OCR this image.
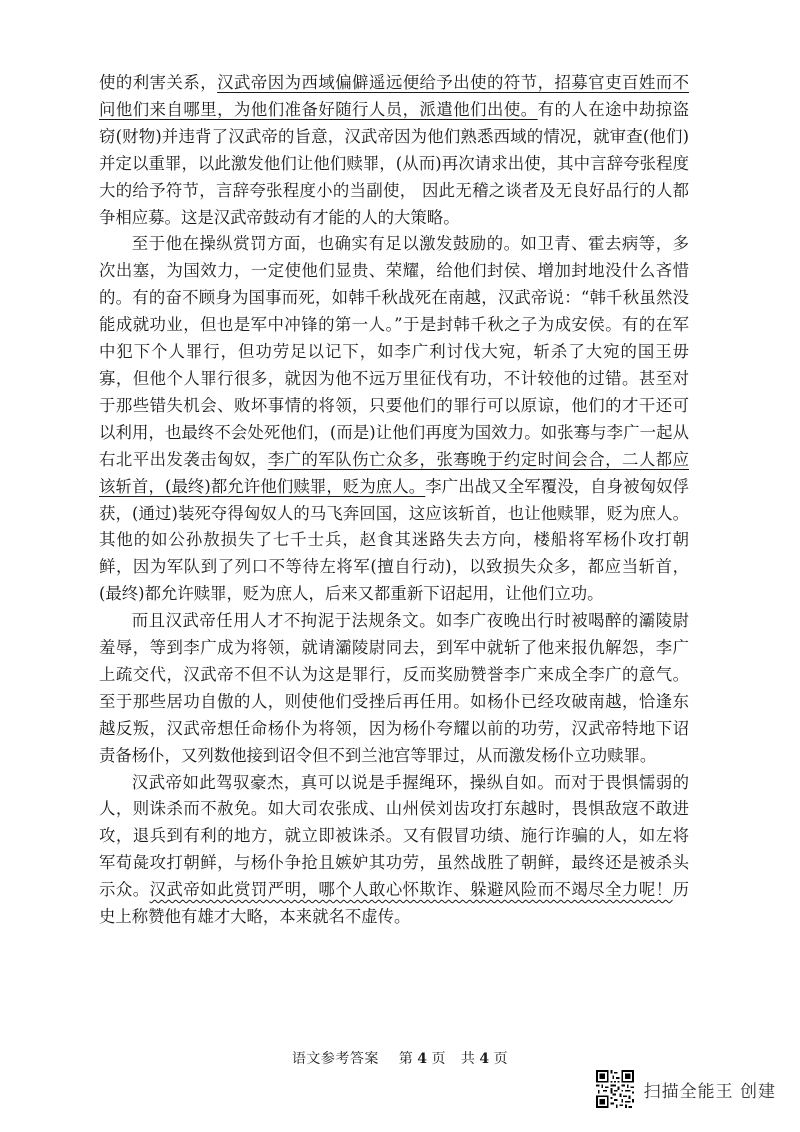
使的利害关系，汉武帝因为西域偏僻遥远便给予出使的符节，招募官吏百姓而不问他们来自哪里，为他们准备好随行人员，派遣他们出使。有的人在途中劫掠盗窃(财物)并违背了汉武帝的旨意，汉武帝因为他们熟悉西域的情况，就审查(他们)并定以重罪，以此激发他们让他们赎罪，(从而)再次请求出使，其中言辞夸张程度大的给予符节，言辞夸张程度小的当副使， 因此无稽之谈者及无良好品行的人都争相应募。这是汉武帝鼓动有才能的人的大策略。

至于他在操纵赏罚方面，也确实有足以激发鼓励的。如卫青、霍去病等，多次出塞，为国效力，一定使他们显贵、荣耀，给他们封侯、增加封地没什么吝惜的。有的奋不顾身为国事而死，如韩千秋战死在南越，汉武帝说：“韩千秋虽然没能成就功业，但也是军中冲锋的第一人。”于是封韩千秋之子为成安侯。有的在军中犯下个人罪行，但功劳足以记下，如李广利讨伐大宛，斩杀了大宛的国王毋寡，但他个人罪行很多，就因为他不远万里征伐有功，不计较他的过错。甚至对于那些错失机会、败坏事情的将领，只要他们的罪行可以原谅，他们的才干还可以利用，也最终不会处死他们，(而是)让他们再度为国效力。如张骞与李广一起从右北平出发袭击匈奴，李广的军队伤亡众多，张骞晚于约定时间会合，二人都应该斩首，(最终)都允许他们赎罪，贬为庶人。李广出战又全军覆没，自身被匈奴俘获，(通过)装死夺得匈奴人的马飞奔回国，这应该斩首，也让他赎罪，贬为庶人。其他的如公孙敖损失了七千士兵，赵食其迷路失去方向，楼船将军杨仆攻打朝鲜，因为军队到了列口不等待左将军(擅自行动)，以致损失众多，都应当斩首，(最终)都允许赎罪，贬为庶人，后来又都重新下诏起用，让他们立功。

而且汉武帝任用人才不拘泥于法规条文。如李广夜晚出行时被喝醉的灞陵尉羞辱，等到李广成为将领，就请灞陵尉同去，到军中就斩了他来报仇解怨，李广上疏交代，汉武帝不但不认为这是罪行，反而奖励赞誉李广来成全李广的意气。至于那些居功自傲的人，则使他们受挫后再任用。如杨仆已经攻破南越，恰逢东越反叛，汉武帝想任命杨仆为将领，因为杨仆夸耀以前的功劳，汉武帝特地下诏责备杨仆，又列数他接到诏令但不到兰池宫等罪过，从而激发杨仆立功赎罪。

汉武帝如此驾驭豪杰，真可以说是手握绳环，操纵自如。而对于畏惧懦弱的人，则诛杀而不赦免。如大司农张成、山州侯刘齿攻打东越时，畏惧敌寇不敢进攻，退兵到有利的地方，就立即被诛杀。又有假冒功绩、施行诈骗的人，如左将军荀彘攻打朝鲜，与杨仆争抢且嫉妒其功劳，虽然战胜了朝鲜，最终还是被杀头示众。汉武帝如此赏罚严明，哪个人敢心怀欺诈、躲避风险而不竭尽全力呢！历史上称赞他有雄才大略，本来就名不虚传。

语文参考答案 第 4 页 共 4 页
扫描全能王 创建
